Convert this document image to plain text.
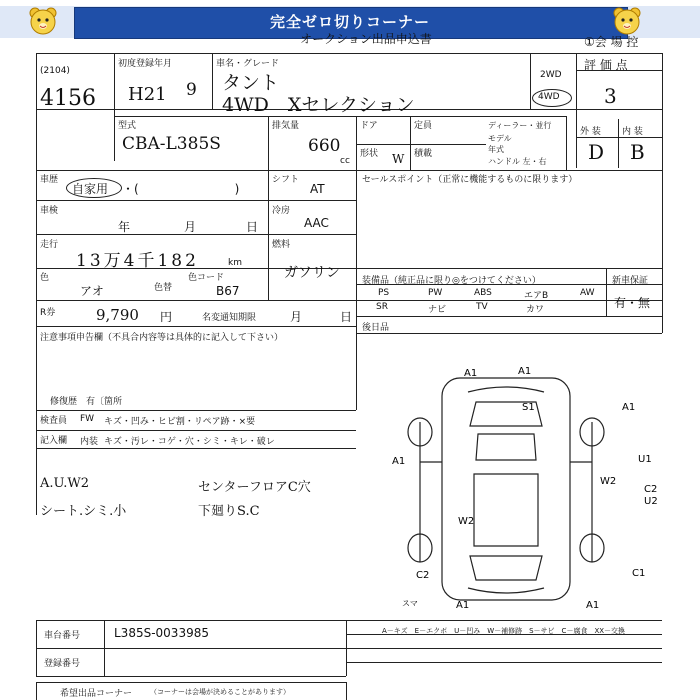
完全ゼロ切りコーナー
オークション出品申込書	①会 場 控
(2104)
4156
初度登録年月
H21 9
車名・グレード
タント
4WD　Xセレクション
2WD
4WD
評 価 点
3
型式
CBA-L385S
排気量
660
cc
ドア	定員
形状 W 積載
ディーラー・並行
モデル
年式
ハンドル 左・右
外 装 内 装
D B
車歴
自家用 ・(　　　　　　　　)
シフト
AT
車検
年	月	日
冷房
AAC
走行
13万4千182	km
燃料
ガソリン
色
アオ	色替
色コード
B67
R券	9,790 円	名変通知期限	月	日
セールスポイント（正常に機能するものに限ります）
装備品（純正品に限り◎をつけてください）	新車保証
有・無
PS	PW	ABS	エアB	AW
SR	ナビ	TV	カワ
後日品
注意事項申告欄（不具合内容等は具体的に記入して下さい）
修復歴　有〔箇所
検査員
記入欄
FW キズ・凹み・ヒビ割・リペア跡・×要
内装 キズ・汚レ・コゲ・穴・シミ・キレ・破レ
A.U.W2	センターフロアC穴
シート.シミ.小	下廻りS.C
A1	A1
S1	A1
A1	U1
W2
C2
U2
W2
C1
C2
A1	A1
スマ
A－キズ　E－エクボ　U－凹み　W－補修跡　S－サビ　C－腐食　XX－交換
車台番号	L385S-0033985
登録番号
希望出品コーナー	（コーナーは会場が決めることがあります）
